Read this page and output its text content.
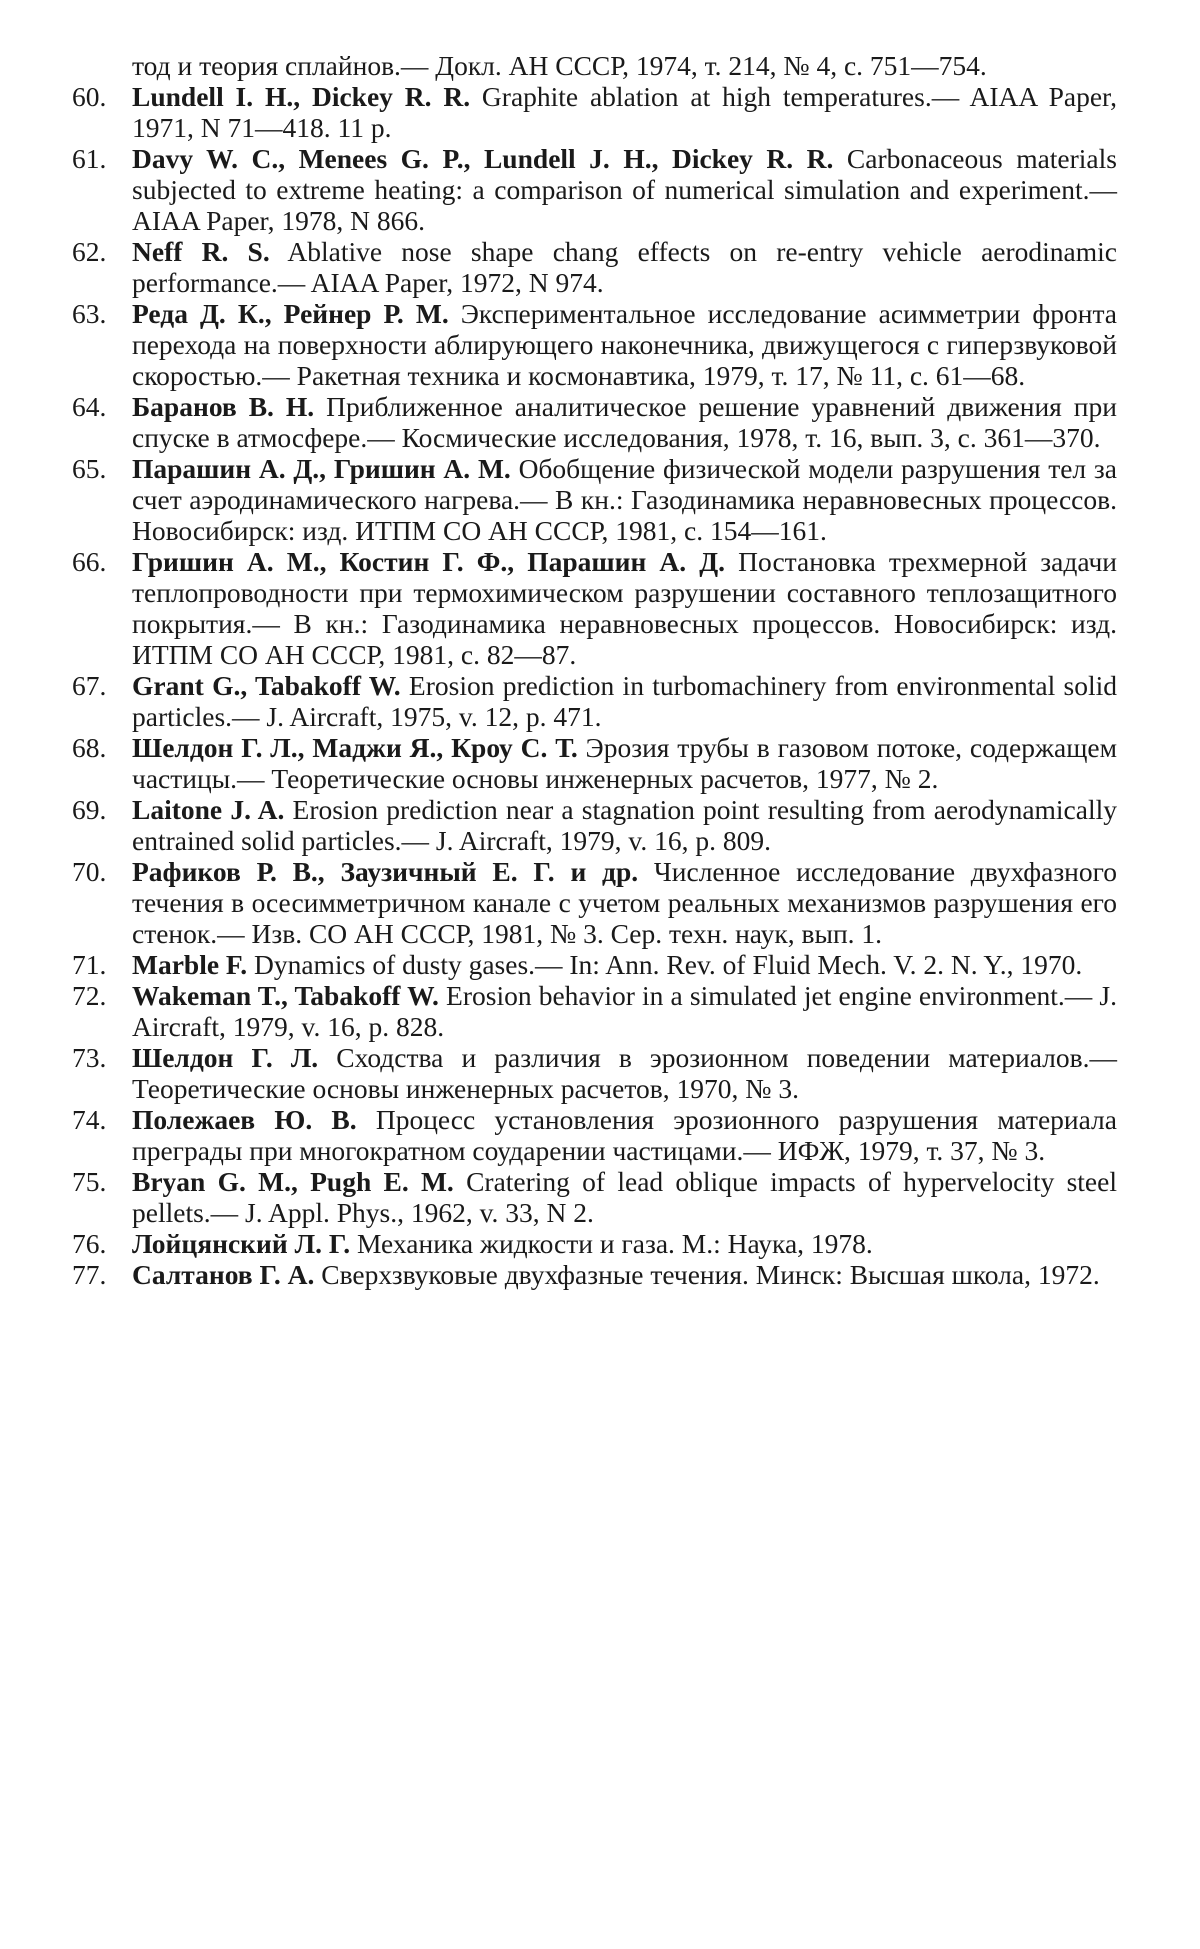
тод и теория сплайнов.— Докл. АН СССР, 1974, т. 214, № 4, с. 751—754.
60. Lundell I. H., Dickey R. R. Graphite ablation at high temperatures.— AIAA Paper, 1971, N 71—418. 11 p.
61. Davy W. C., Menees G. P., Lundell J. H., Dickey R. R. Carbonaceous materials subjected to extreme heating: a comparison of numerical simulation and experiment.— AIAA Paper, 1978, N 866.
62. Neff R. S. Ablative nose shape chang effects on re-entry vehicle aerodinamic performance.— AIAA Paper, 1972, N 974.
63. Реда Д. К., Рейнер Р. М. Экспериментальное исследование асимметрии фронта перехода на поверхности аблирующего наконечника, движущегося с гиперзвуковой скоростью.— Ракетная техника и космонавтика, 1979, т. 17, № 11, с. 61—68.
64. Баранов В. Н. Приближенное аналитическое решение уравнений движения при спуске в атмосфере.— Космические исследования, 1978, т. 16, вып. 3, с. 361—370.
65. Парашин А. Д., Гришин А. М. Обобщение физической модели разрушения тел за счет аэродинамического нагрева.— В кн.: Газодинамика неравновесных процессов. Новосибирск: изд. ИТПМ СО АН СССР, 1981, с. 154—161.
66. Гришин А. М., Костин Г. Ф., Парашин А. Д. Постановка трехмерной задачи теплопроводности при термохимическом разрушении составного теплозащитного покрытия.— В кн.: Газодинамика неравновесных процессов. Новосибирск: изд. ИТПМ СО АН СССР, 1981, с. 82—87.
67. Grant G., Tabakoff W. Erosion prediction in turbomachinery from environmental solid particles.— J. Aircraft, 1975, v. 12, p. 471.
68. Шелдон Г. Л., Маджи Я., Кроу С. Т. Эрозия трубы в газовом потоке, содержащем частицы.— Теоретические основы инженерных расчетов, 1977, № 2.
69. Laitone J. A. Erosion prediction near a stagnation point resulting from aerodynamically entrained solid particles.— J. Aircraft, 1979, v. 16, p. 809.
70. Рафиков Р. В., Заузичный Е. Г. и др. Численное исследование двухфазного течения в осесимметричном канале с учетом реальных механизмов разрушения его стенок.— Изв. СО АН СССР, 1981, № 3. Сер. техн. наук, вып. 1.
71. Marble F. Dynamics of dusty gases.— In: Ann. Rev. of Fluid Mech. V. 2. N. Y., 1970.
72. Wakeman T., Tabakoff W. Erosion behavior in a simulated jet engine environment.— J. Aircraft, 1979, v. 16, p. 828.
73. Шелдон Г. Л. Сходства и различия в эрозионном поведении материалов.— Теоретические основы инженерных расчетов, 1970, № 3.
74. Полежаев Ю. В. Процесс установления эрозионного разрушения материала преграды при многократном соударении частицами.— ИФЖ, 1979, т. 37, № 3.
75. Bryan G. M., Pugh E. M. Cratering of lead oblique impacts of hypervelocity steel pellets.— J. Appl. Phys., 1962, v. 33, N 2.
76. Лойцянский Л. Г. Механика жидкости и газа. М.: Наука, 1978.
77. Салтанов Г. А. Сверхзвуковые двухфазные течения. Минск: Высшая школа, 1972.
